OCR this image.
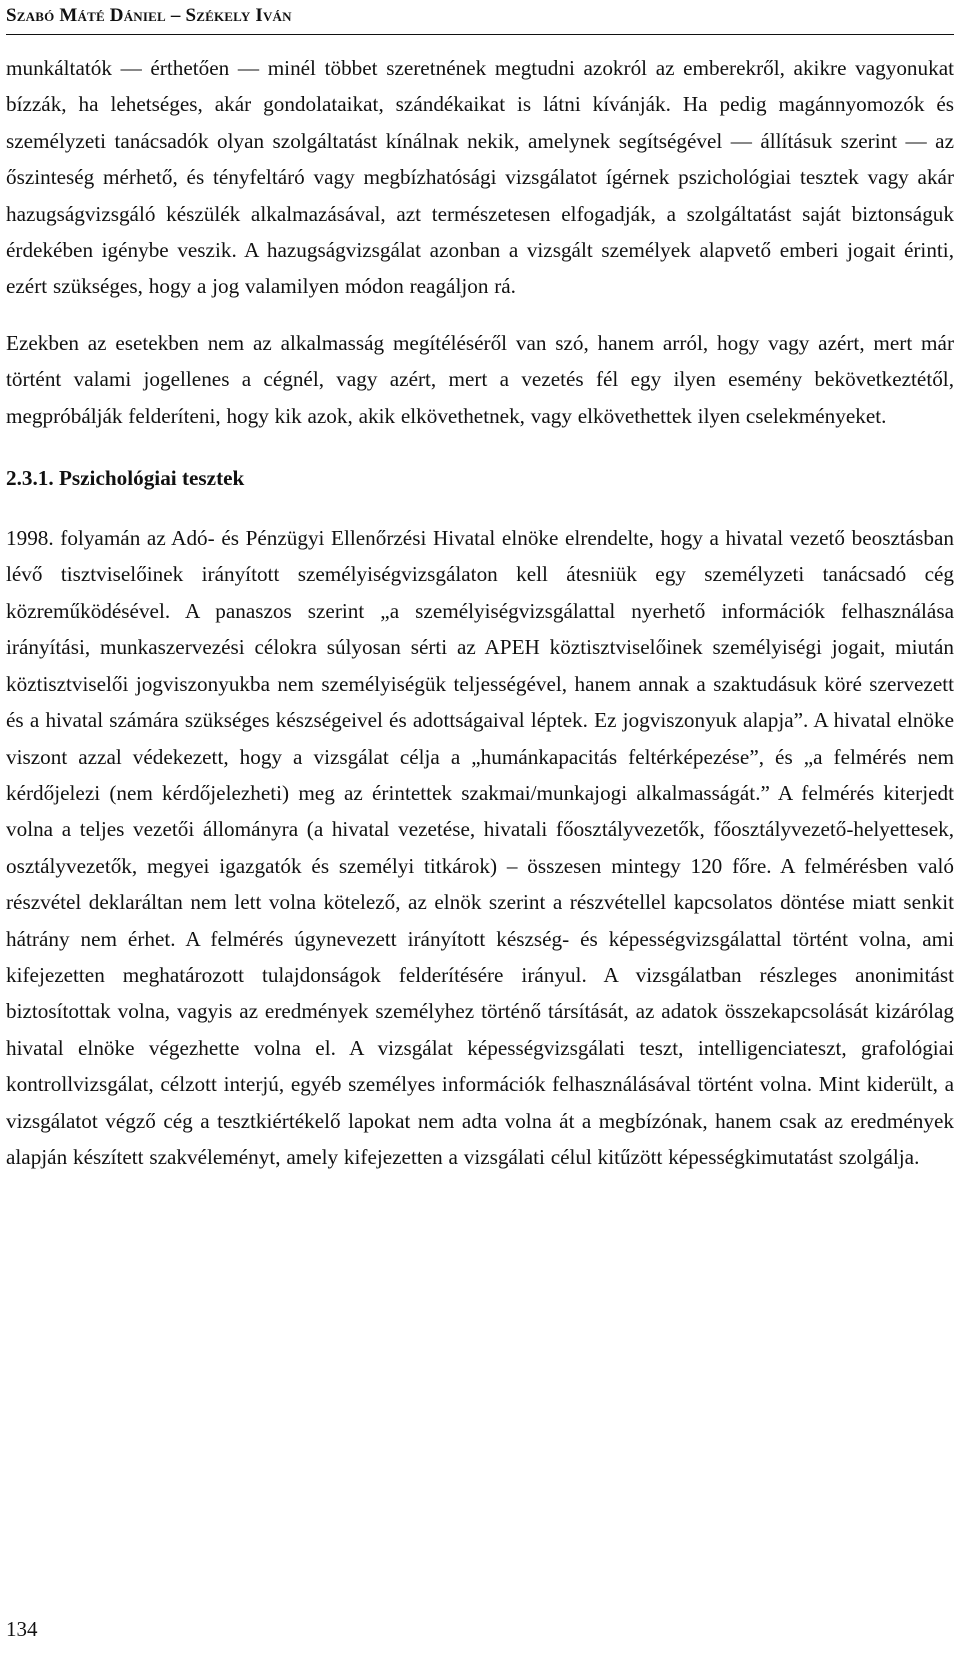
Szabó Máté Dániel – Székely Iván

munkáltatók — érthetően — minél többet szeretnének megtudni azokról az emberekről, akikre vagyonukat bízzák, ha lehetséges, akár gondolataikat, szándékaikat is látni kívánják. Ha pedig magánnyomozók és személyzeti tanácsadók olyan szolgáltatást kínálnak nekik, amelynek segítségével — állításuk szerint — az őszinteség mérhető, és tényfeltáró vagy megbízhatósági vizsgálatot ígérnek pszichológiai tesztek vagy akár hazugságvizsgáló készülék alkalmazásával, azt természetesen elfogadják, a szolgáltatást saját biztonságuk érdekében igénybe veszik. A hazugságvizsgálat azonban a vizsgált személyek alapvető emberi jogait érinti, ezért szükséges, hogy a jog valamilyen módon reagáljon rá.

Ezekben az esetekben nem az alkalmasság megítéléséről van szó, hanem arról, hogy vagy azért, mert már történt valami jogellenes a cégnél, vagy azért, mert a vezetés fél egy ilyen esemény bekövetkeztétől, megpróbálják felderíteni, hogy kik azok, akik elkövethetnek, vagy elkövethettek ilyen cselekményeket.

2.3.1. Pszichológiai tesztek

1998. folyamán az Adó- és Pénzügyi Ellenőrzési Hivatal elnöke elrendelte, hogy a hivatal vezető beosztásban lévő tisztviselőinek irányított személyiségvizsgálaton kell átesniük egy személyzeti tanácsadó cég közreműködésével. A panaszos szerint „a személyiségvizsgálattal nyerhető információk felhasználása irányítási, munkaszervezési célokra súlyosan sérti az APEH köztisztviselőinek személyiségi jogait, miután köztisztviselői jogviszonyukba nem személyiségük teljességével, hanem annak a szaktudásuk köré szervezett és a hivatal számára szükséges készségeivel és adottságaival léptek. Ez jogviszonyuk alapja”. A hivatal elnöke viszont azzal védekezett, hogy a vizsgálat célja a „humánkapacitás feltérképezése”, és „a felmérés nem kérdőjelezi (nem kérdőjelezheti) meg az érintettek szakmai/munkajogi alkalmasságát.” A felmérés kiterjedt volna a teljes vezetői állományra (a hivatal vezetése, hivatali főosztályvezetők, főosztályvezető-helyettesek, osztályvezetők, megyei igazgatók és személyi titkárok) – összesen mintegy 120 főre. A felmérésben való részvétel deklaráltan nem lett volna kötelező, az elnök szerint a részvétellel kapcsolatos döntése miatt senkit hátrány nem érhet. A felmérés úgynevezett irányított készség- és képességvizsgálattal történt volna, ami kifejezetten meghatározott tulajdonságok felderítésére irányul. A vizsgálatban részleges anonimitást biztosítottak volna, vagyis az eredmények személyhez történő társítását, az adatok összekapcsolását kizárólag hivatal elnöke végezhette volna el. A vizsgálat képességvizsgálati teszt, intelligenciateszt, grafológiai kontrollvizsgálat, célzott interjú, egyéb személyes információk felhasználásával történt volna. Mint kiderült, a vizsgálatot végző cég a tesztkiértékelő lapokat nem adta volna át a megbízónak, hanem csak az eredmények alapján készített szakvéleményt, amely kifejezetten a vizsgálati célul kitűzött képességkimutatást szolgálja.

134
